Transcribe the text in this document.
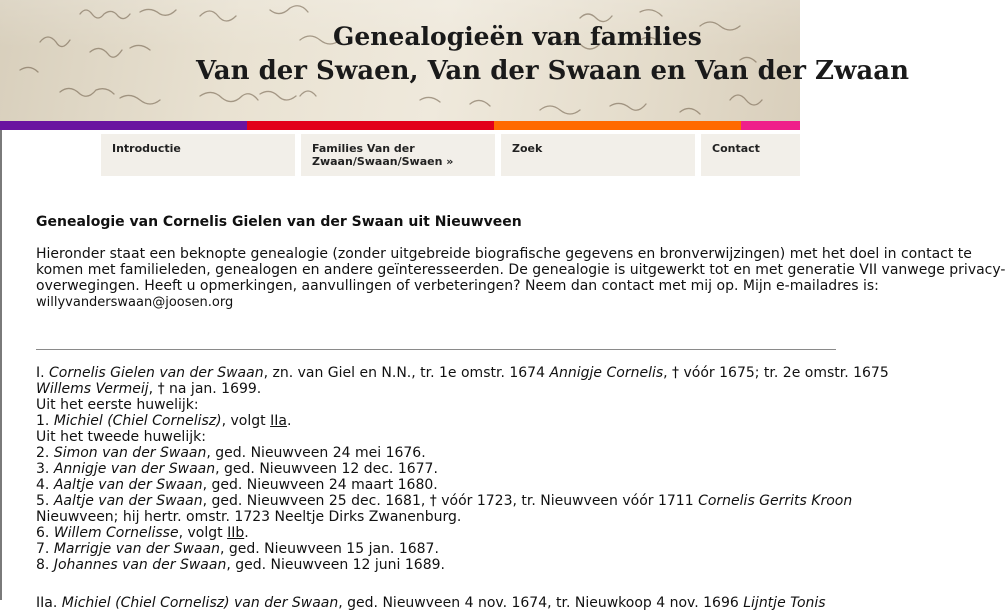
Genealogieën van families
Van der Swaen, Van der Swaan en Van der Zwaan
Introductie	Families Van der Zwaan/Swaan/Swaen »
Zoek	Contact
Genealogie van Cornelis Gielen van der Swaan uit Nieuwveen

Hieronder staat een beknopte genealogie (zonder uitgebreide biografische gegevens en bronverwijzingen) met het doel in contact te
komen met familieleden, genealogen en andere geïnteresseerden. De genealogie is uitgewerkt tot en met generatie VII vanwege privacy-
overwegingen. Heeft u opmerkingen, aanvullingen of verbeteringen? Neem dan contact met mij op. Mijn e-mailadres is:
willyvanderswaan@joosen.org

I. Cornelis Gielen van der Swaan, zn. van Giel en N.N., tr. 1e omstr. 1674 Annigje Cornelis, † vóór 1675; tr. 2e omstr. 1675
Willems Vermeij, † na jan. 1699.
Uit het eerste huwelijk:
1. Michiel (Chiel Cornelisz), volgt IIa.
Uit het tweede huwelijk:
2. Simon van der Swaan, ged. Nieuwveen 24 mei 1676.
3. Annigje van der Swaan, ged. Nieuwveen 12 dec. 1677.
4. Aaltje van der Swaan, ged. Nieuwveen 24 maart 1680.
5. Aaltje van der Swaan, ged. Nieuwveen 25 dec. 1681, † vóór 1723, tr. Nieuwveen vóór 1711 Cornelis Gerrits Kroon
Nieuwveen; hij hertr. omstr. 1723 Neeltje Dirks Zwanenburg.
6. Willem Cornelisse, volgt IIb.
7. Marrigje van der Swaan, ged. Nieuwveen 15 jan. 1687.
8. Johannes van der Swaan, ged. Nieuwveen 12 juni 1689.
IIa. Michiel (Chiel Cornelisz) van der Swaan, ged. Nieuwveen 4 nov. 1674, tr. Nieuwkoop 4 nov. 1696 Lijntje Tonis
